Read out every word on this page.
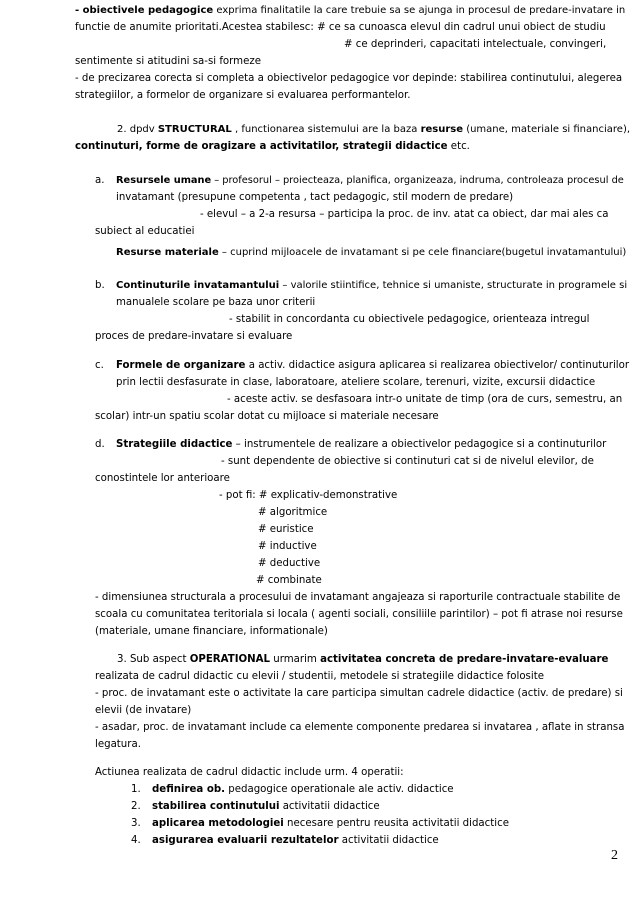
- obiectivele pedagogice exprima finalitatile la care trebuie sa se ajunga in procesul de predare-invatare in
functie de anumite prioritati.Acestea stabilesc: # ce sa cunoasca elevul din cadrul unui obiect de studiu
# ce deprinderi, capacitati intelectuale, convingeri,
sentimente si atitudini sa-si formeze
- de precizarea corecta si completa a obiectivelor pedagogice vor depinde: stabilirea continutului, alegerea
strategiilor, a formelor de organizare si evaluarea performantelor.
2. dpdv STRUCTURAL , functionarea sistemului are la baza resurse (umane, materiale si financiare),
continuturi, forme de oragizare a activitatilor, strategii didactice etc.
a. Resursele umane – profesorul – proiecteaza, planifica, organizeaza, indruma, controleaza procesul de
invatamant (presupune competenta , tact pedagogic, stil modern de predare)
- elevul – a 2-a resursa – participa la proc. de inv. atat ca obiect, dar mai ales ca
subiect al educatiei
Resurse materiale – cuprind mijloacele de invatamant si pe cele financiare(bugetul invatamantului)
b. Continuturile invatamantului – valorile stiintifice, tehnice si umaniste, structurate in programele si
manualele scolare pe baza unor criterii
- stabilit in concordanta cu obiectivele pedagogice, orienteaza intregul
proces de predare-invatare si evaluare
c. Formele de organizare a activ. didactice asigura aplicarea si realizarea obiectivelor/ continuturilor
prin lectii desfasurate in clase, laboratoare, ateliere scolare, terenuri, vizite, excursii didactice
- aceste activ. se desfasoara intr-o unitate de timp (ora de curs, semestru, an
scolar) intr-un spatiu scolar dotat cu mijloace si materiale necesare
d. Strategiile didactice – instrumentele de realizare a obiectivelor pedagogice si a continuturilor
- sunt dependente de obiective si continuturi cat si de nivelul elevilor, de
conostintele lor anterioare
- pot fi: # explicativ-demonstrative
# algoritmice
# euristice
# inductive
# deductive
# combinate
- dimensiunea structurala a procesului de invatamant angajeaza si raporturile contractuale stabilite de
scoala cu comunitatea teritoriala si locala ( agenti sociali, consiliile parintilor) – pot fi atrase noi resurse
(materiale, umane financiare, informationale)
3. Sub aspect OPERATIONAL urmarim activitatea concreta de predare-invatare-evaluare
realizata de cadrul didactic cu elevii / studentii, metodele si strategiile didactice folosite
- proc. de invatamant este o activitate la care participa simultan cadrele didactice (activ. de predare) si
elevii (de invatare)
- asadar, proc. de invatamant include ca elemente componente predarea si invatarea , aflate in stransa
legatura.
Actiunea realizata de cadrul didactic include urm. 4 operatii:
1. definirea ob. pedagogice operationale ale activ. didactice
2. stabilirea continutului activitatii didactice
3. aplicarea metodologiei necesare pentru reusita activitatii didactice
4. asigurarea evaluarii rezultatelor activitatii didactice
2
